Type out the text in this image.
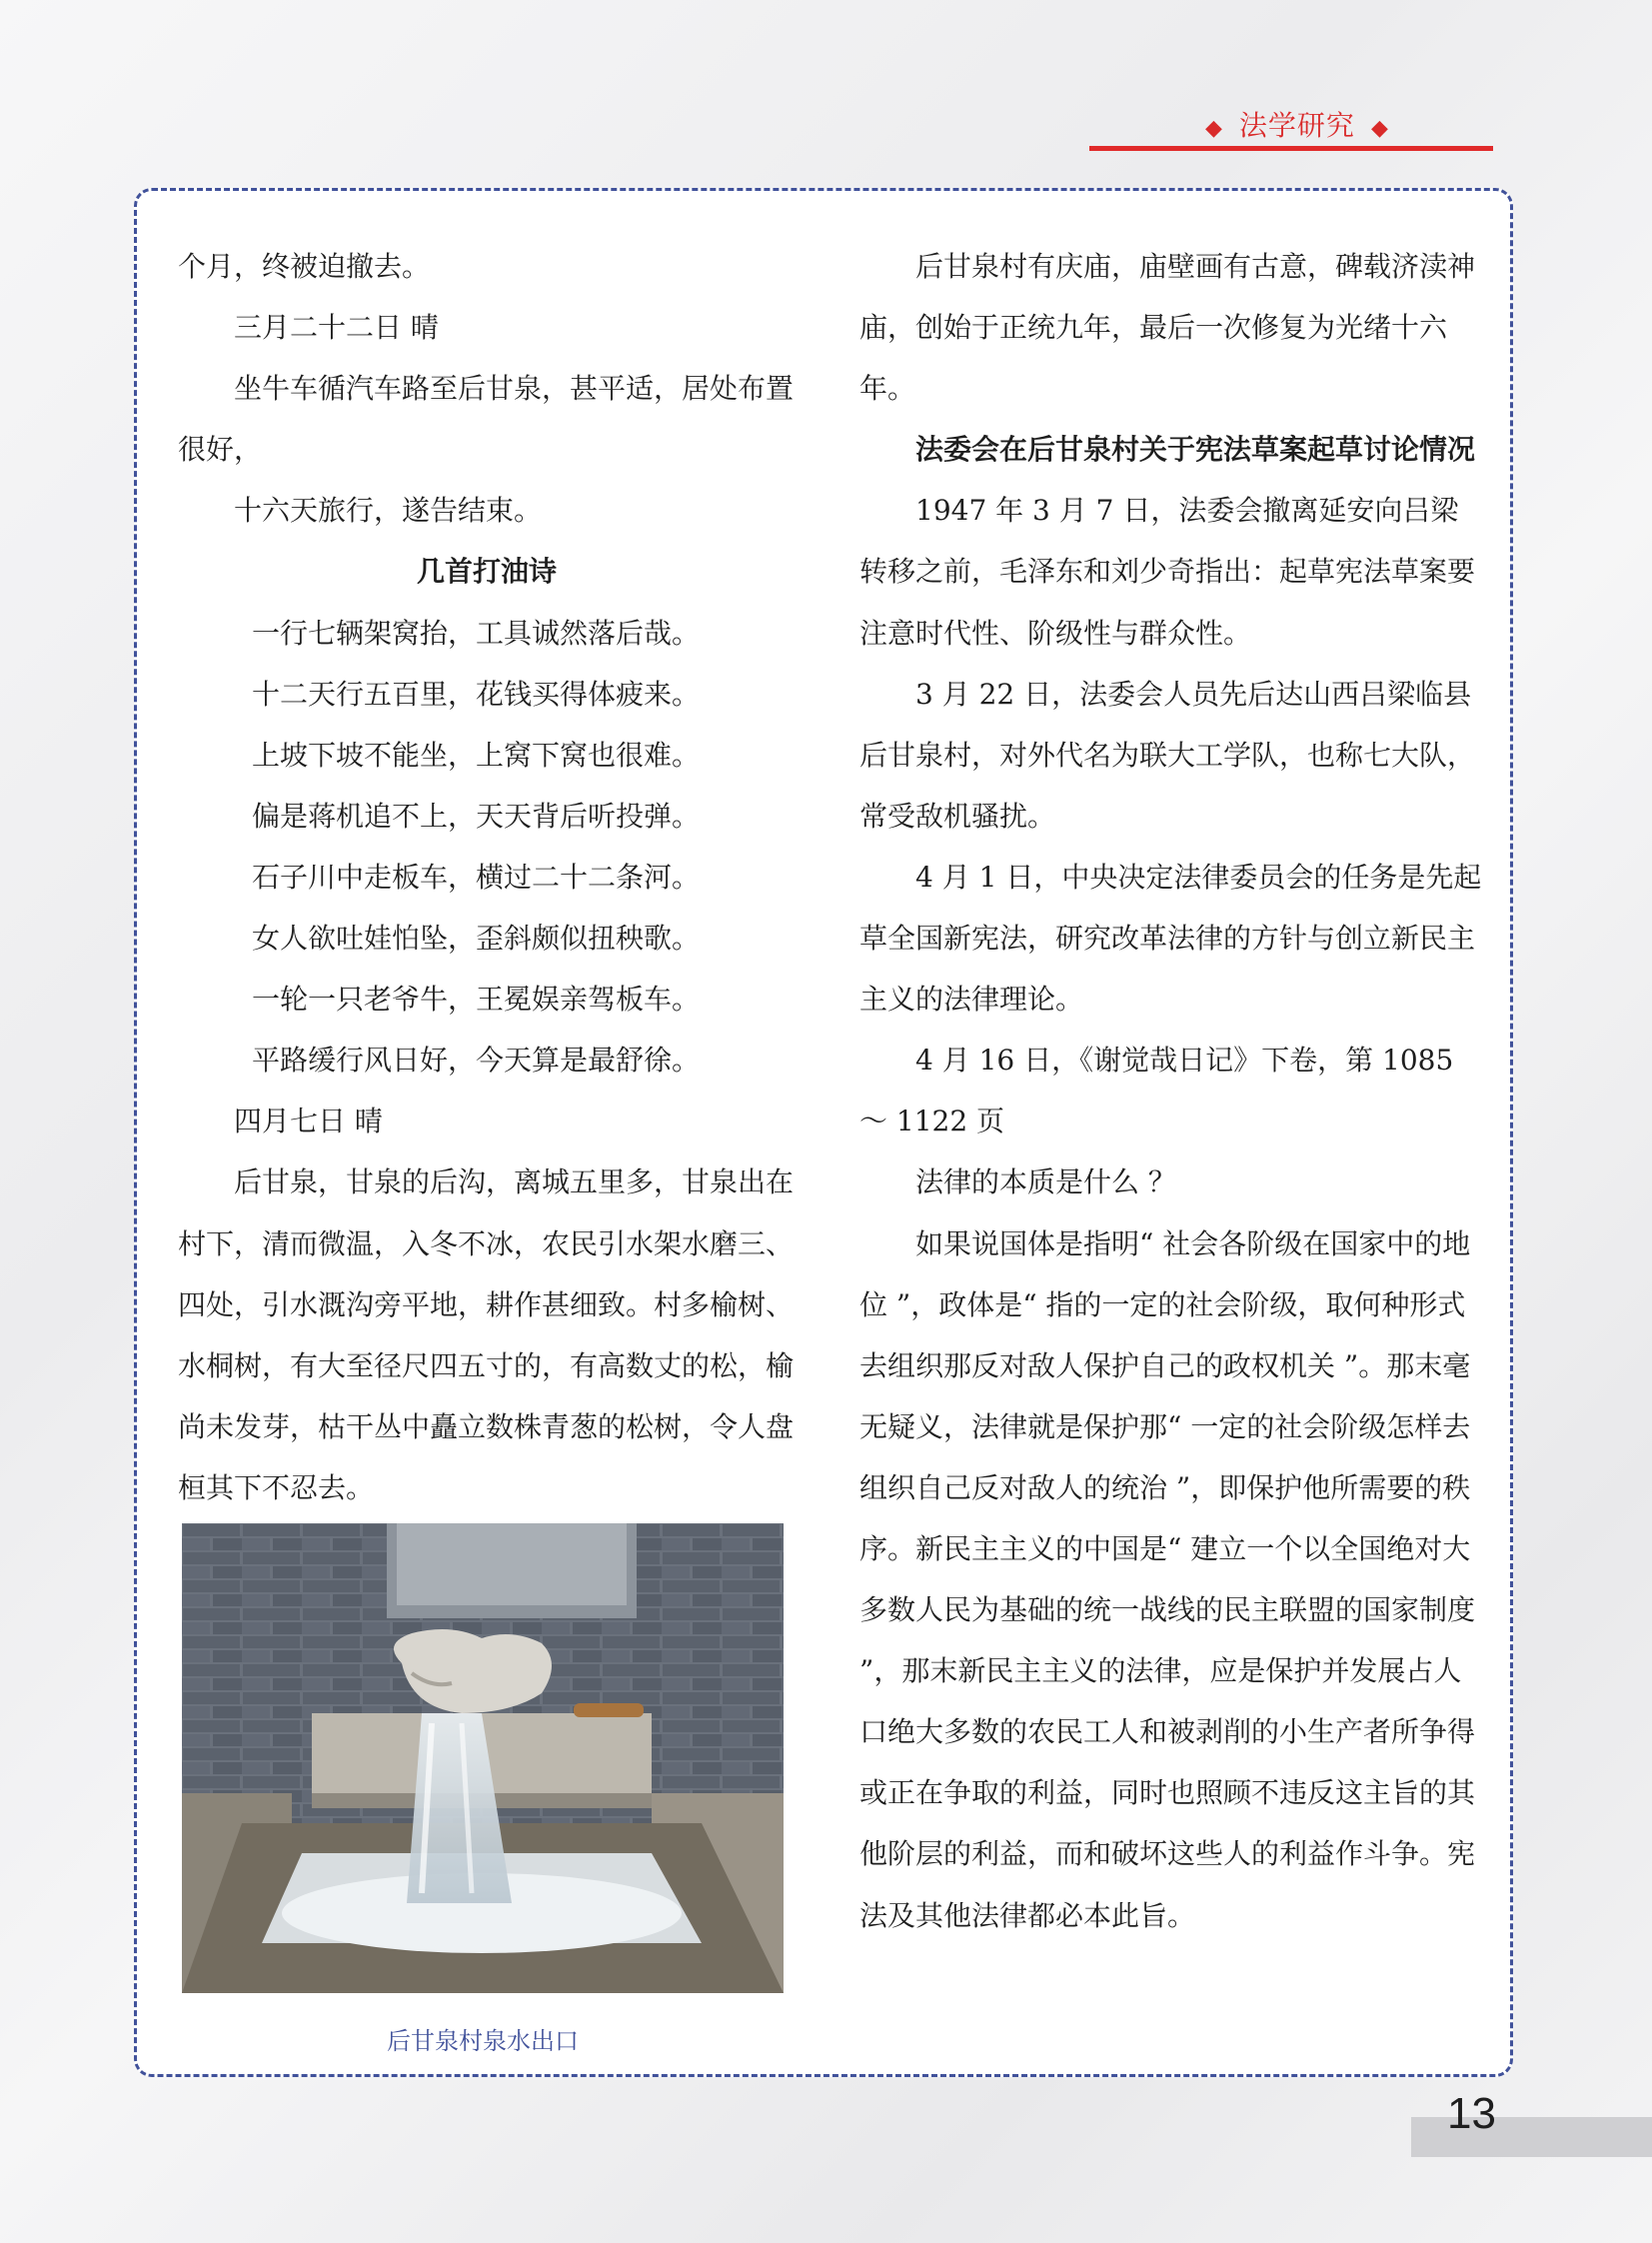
◆ 法学研究 ◆

个月，终被迫撤去。

三月二十二日 晴

坐牛车循汽车路至后甘泉，甚平适，居处布置很好，

十六天旅行，遂告结束。

几首打油诗

一行七辆架窝抬，工具诚然落后哉。

十二天行五百里，花钱买得体疲来。

上坡下坡不能坐，上窝下窝也很难。

偏是蒋机追不上，天天背后听投弹。

石子川中走板车，横过二十二条河。

女人欲吐娃怕坠，歪斜颇似扭秧歌。

一轮一只老爷牛，王冕娱亲驾板车。

平路缓行风日好，今天算是最舒徐。

四月七日 晴

后甘泉，甘泉的后沟，离城五里多，甘泉出在村下，清而微温，入冬不冰，农民引水架水磨三、四处，引水溉沟旁平地，耕作甚细致。村多榆树、水桐树，有大至径尺四五寸的，有高数丈的松，榆尚未发芽，枯干丛中矗立数株青葱的松树，令人盘桓其下不忍去。

后甘泉村泉水出口

后甘泉村有庆庙，庙壁画有古意，碑载济渎神庙，创始于正统九年，最后一次修复为光绪十六年。

法委会在后甘泉村关于宪法草案起草讨论情况

1947 年 3 月 7 日，法委会撤离延安向吕梁转移之前，毛泽东和刘少奇指出：起草宪法草案要注意时代性、阶级性与群众性。

3 月 22 日，法委会人员先后达山西吕梁临县后甘泉村，对外代名为联大工学队，也称七大队，常受敌机骚扰。

4 月 1 日，中央决定法律委员会的任务是先起草全国新宪法，研究改革法律的方针与创立新民主主义的法律理论。

4 月 16 日，《谢觉哉日记》下卷，第 1085 ～ 1122 页

法律的本质是什么 ？

如果说国体是指明“ 社会各阶级在国家中的地位 ”，政体是“ 指的一定的社会阶级，取何种形式去组织那反对敌人保护自己的政权机关 ”。那末毫无疑义，法律就是保护那“ 一定的社会阶级怎样去组织自己反对敌人的统治 ”，即保护他所需要的秩序。新民主主义的中国是“ 建立一个以全国绝对大多数人民为基础的统一战线的民主联盟的国家制度 ”，那末新民主主义的法律，应是保护并发展占人口绝大多数的农民工人和被剥削的小生产者所争得或正在争取的利益，同时也照顾不违反这主旨的其他阶层的利益，而和破坏这些人的利益作斗争。宪法及其他法律都必本此旨。

13
